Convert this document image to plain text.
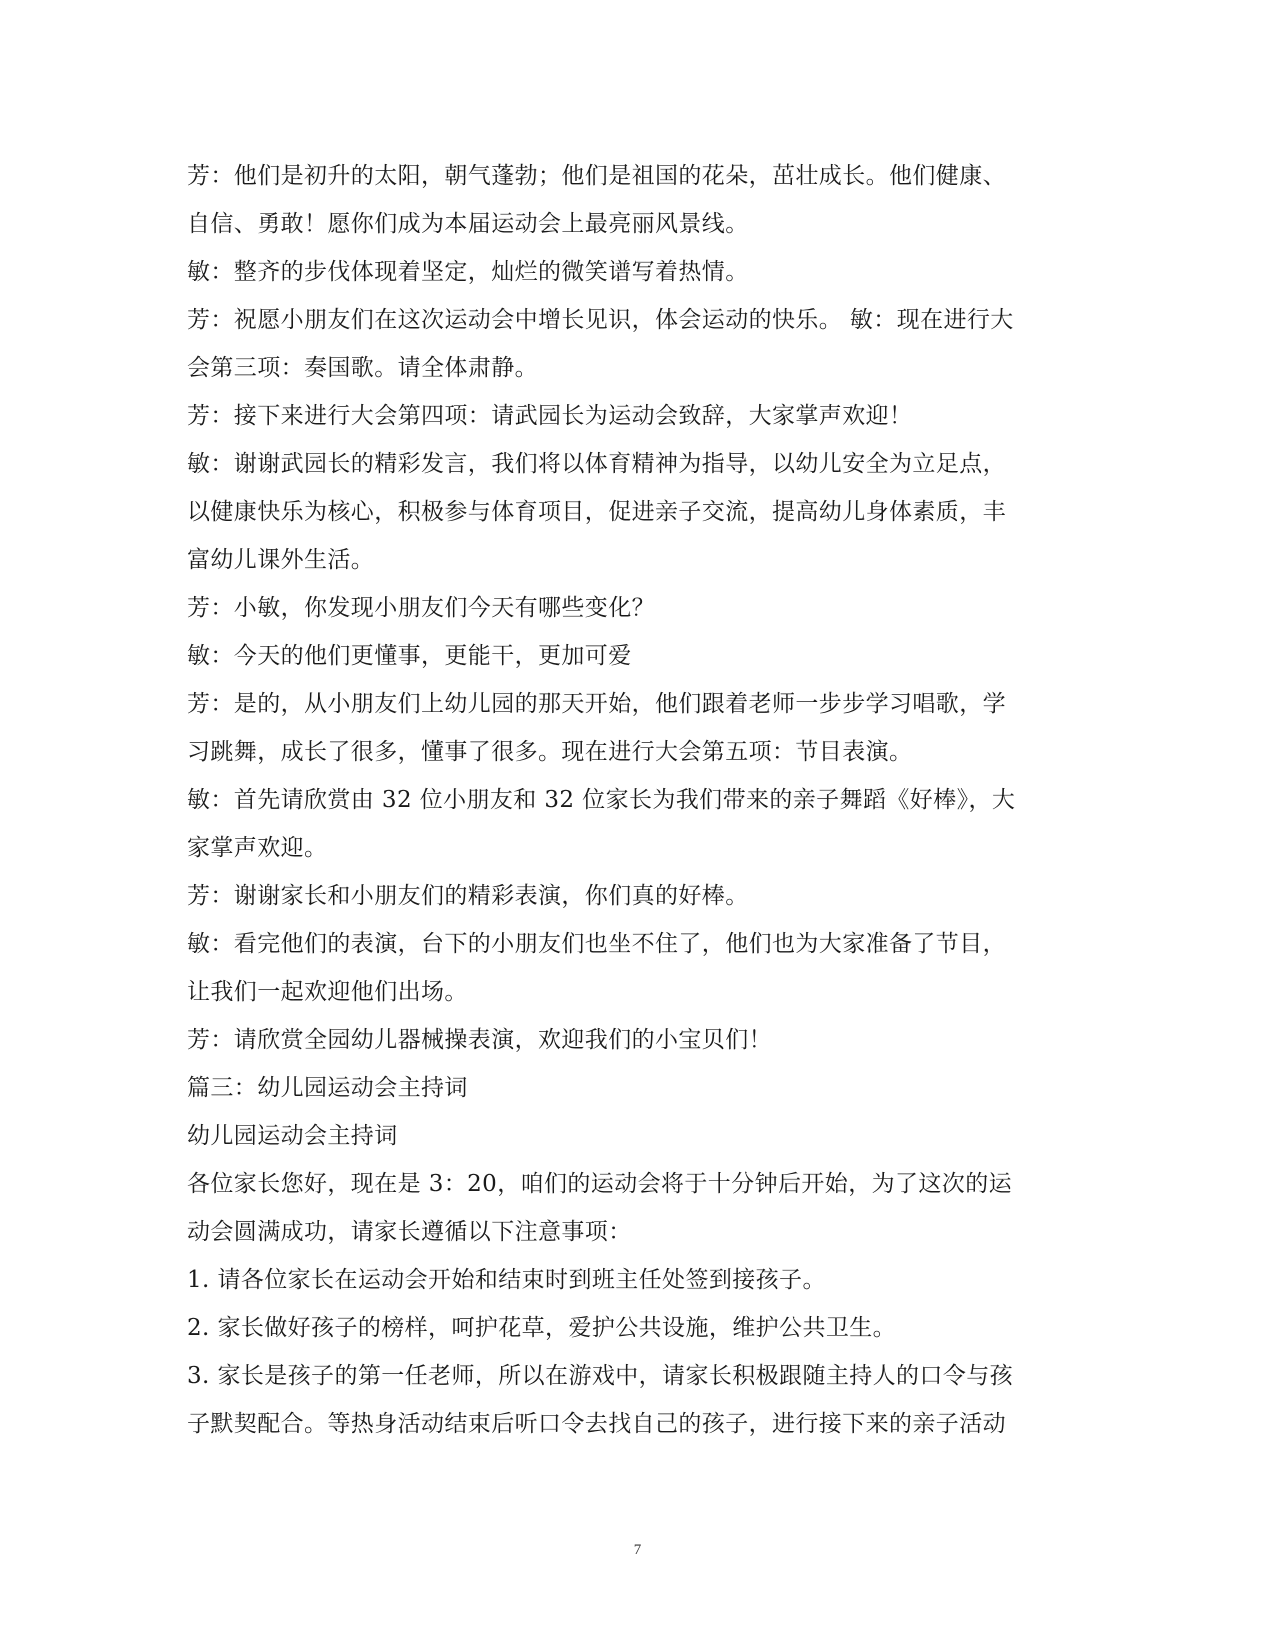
芳：他们是初升的太阳，朝气蓬勃；他们是祖国的花朵，茁壮成长。他们健康、
自信、勇敢！愿你们成为本届运动会上最亮丽风景线。
敏：整齐的步伐体现着坚定，灿烂的微笑谱写着热情。
芳：祝愿小朋友们在这次运动会中增长见识，体会运动的快乐。 敏：现在进行大
会第三项：奏国歌。请全体肃静。
芳：接下来进行大会第四项：请武园长为运动会致辞，大家掌声欢迎！
敏：谢谢武园长的精彩发言，我们将以体育精神为指导，以幼儿安全为立足点，
以健康快乐为核心，积极参与体育项目，促进亲子交流，提高幼儿身体素质，丰
富幼儿课外生活。
芳：小敏，你发现小朋友们今天有哪些变化？
敏：今天的他们更懂事，更能干，更加可爱
芳：是的，从小朋友们上幼儿园的那天开始，他们跟着老师一步步学习唱歌，学
习跳舞，成长了很多，懂事了很多。现在进行大会第五项：节目表演。
敏：首先请欣赏由 32 位小朋友和 32 位家长为我们带来的亲子舞蹈《好棒》，大
家掌声欢迎。
芳：谢谢家长和小朋友们的精彩表演，你们真的好棒。
敏：看完他们的表演，台下的小朋友们也坐不住了，他们也为大家准备了节目，
让我们一起欢迎他们出场。
芳：请欣赏全园幼儿器械操表演，欢迎我们的小宝贝们！
篇三：幼儿园运动会主持词
幼儿园运动会主持词
各位家长您好，现在是 3：20，咱们的运动会将于十分钟后开始，为了这次的运
动会圆满成功，请家长遵循以下注意事项：
1. 请各位家长在运动会开始和结束时到班主任处签到接孩子。
2. 家长做好孩子的榜样，呵护花草，爱护公共设施，维护公共卫生。
3. 家长是孩子的第一任老师，所以在游戏中，请家长积极跟随主持人的口令与孩
子默契配合。等热身活动结束后听口令去找自己的孩子，进行接下来的亲子活动
7
